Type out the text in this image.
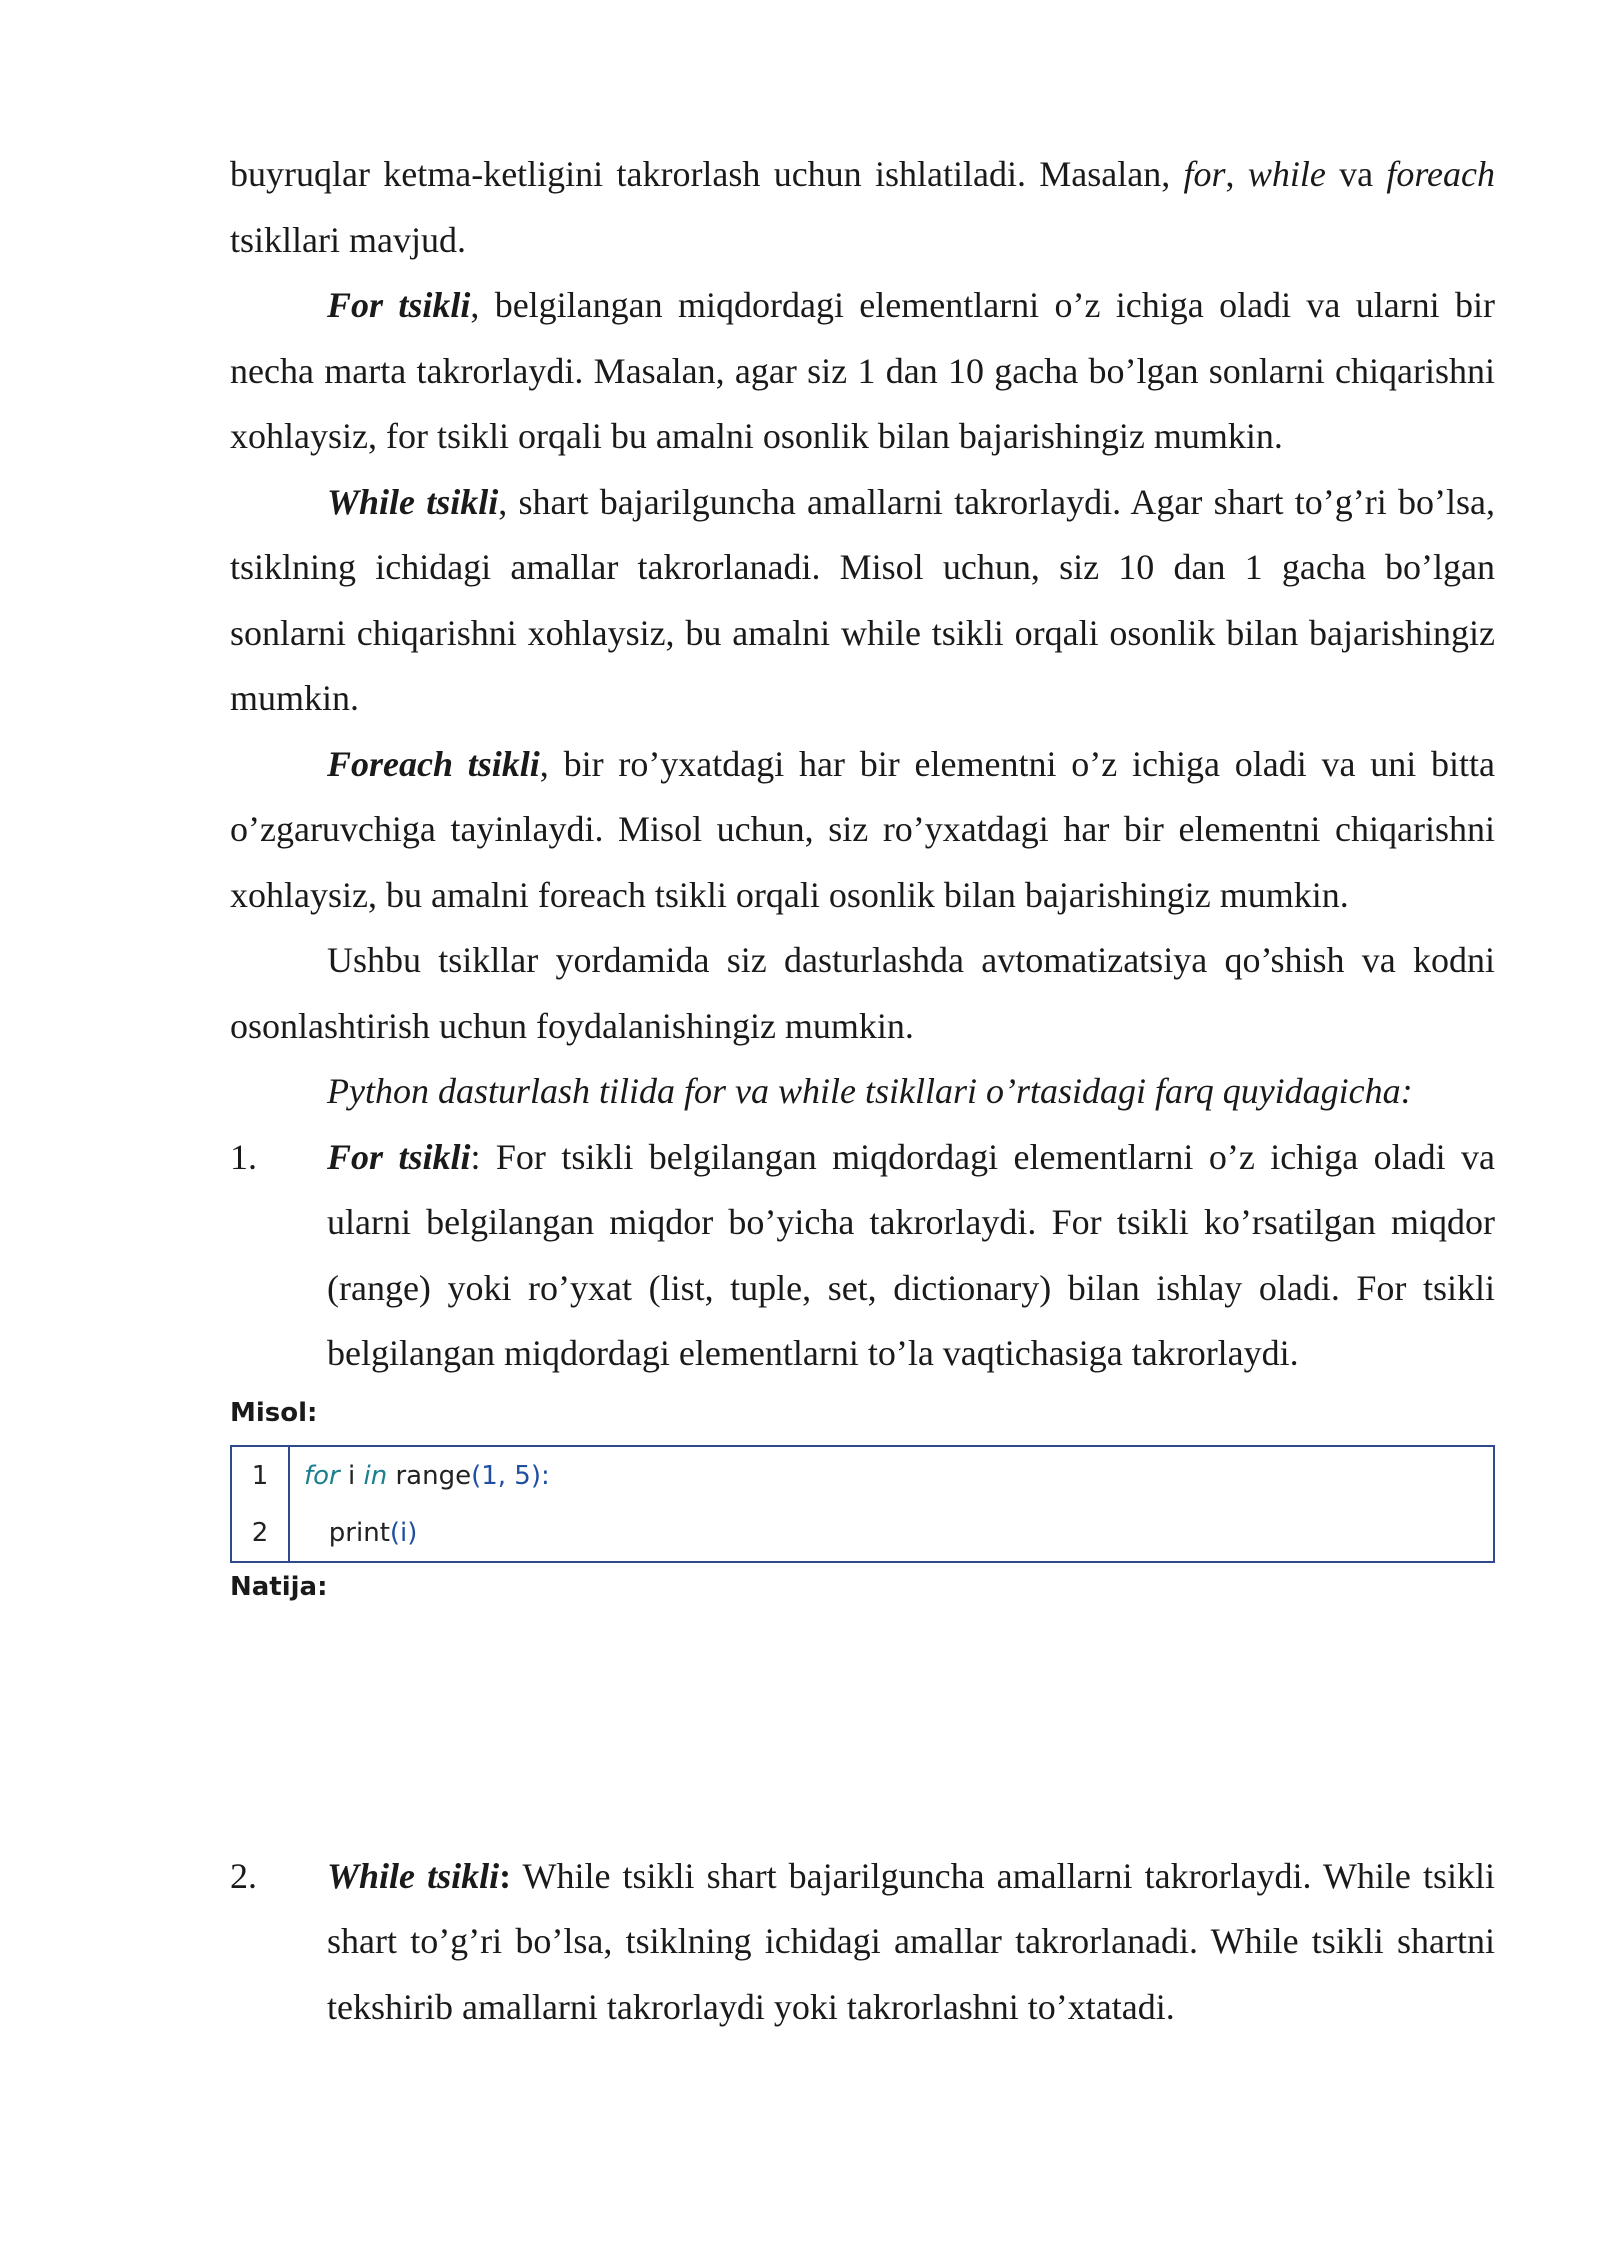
buyruqlar ketma-ketligini takrorlash uchun ishlatiladi. Masalan, for, while va foreach tsikllari mavjud.

For tsikli, belgilangan miqdordagi elementlarni o’z ichiga oladi va ularni bir necha marta takrorlaydi. Masalan, agar siz 1 dan 10 gacha bo’lgan sonlarni chiqarishni xohlaysiz, for tsikli orqali bu amalni osonlik bilan bajarishingiz mumkin.

While tsikli, shart bajarilguncha amallarni takrorlaydi. Agar shart to’g’ri bo’lsa, tsiklning ichidagi amallar takrorlanadi. Misol uchun, siz 10 dan 1 gacha bo’lgan sonlarni chiqarishni xohlaysiz, bu amalni while tsikli orqali osonlik bilan bajarishingiz mumkin.

Foreach tsikli, bir ro’yxatdagi har bir elementni o’z ichiga oladi va uni bitta o’zgaruvchiga tayinlaydi. Misol uchun, siz ro’yxatdagi har bir elementni chiqarishni xohlaysiz, bu amalni foreach tsikli orqali osonlik bilan bajarishingiz mumkin.

Ushbu tsikllar yordamida siz dasturlashda avtomatizatsiya qo’shish va kodni osonlashtirish uchun foydalanishingiz mumkin.

Python dasturlash tilida for va while tsikllari o’rtasidagi farq quyidagicha:

1.	For tsikli: For tsikli belgilangan miqdordagi elementlarni o’z ichiga oladi va ularni belgilangan miqdor bo’yicha takrorlaydi. For tsikli ko’rsatilgan miqdor (range) yoki ro’yxat (list, tuple, set, dictionary) bilan ishlay oladi. For tsikli belgilangan miqdordagi elementlarni to’la vaqtichasiga takrorlaydi.

Misol:

1	for i in range(1, 5):
2	print(i)

Natija:

2.	While tsikli: While tsikli shart bajarilguncha amallarni takrorlaydi. While tsikli shart to’g’ri bo’lsa, tsiklning ichidagi amallar takrorlanadi. While tsikli shartni tekshirib amallarni takrorlaydi yoki takrorlashni to’xtatadi.
